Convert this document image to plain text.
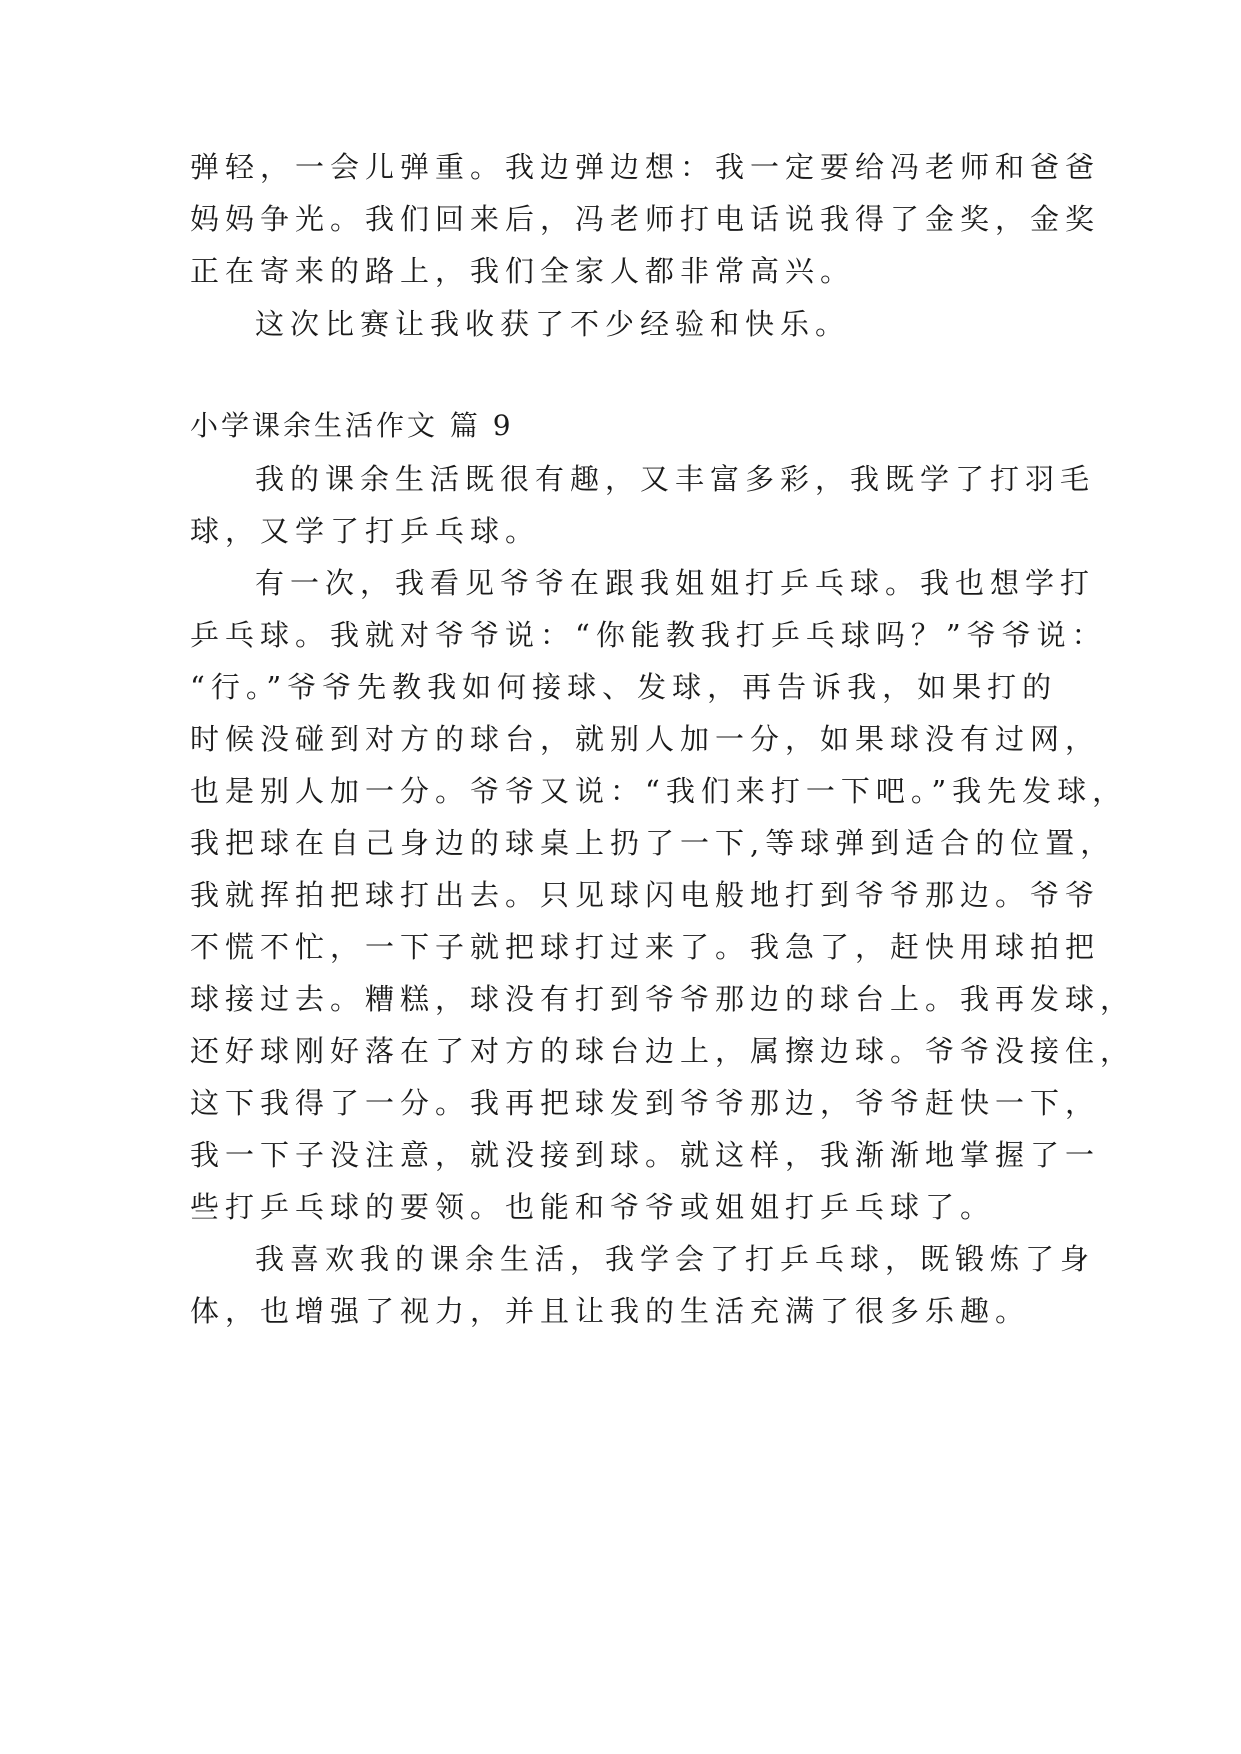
弹轻，一会儿弹重。我边弹边想：我一定要给冯老师和爸爸
妈妈争光。我们回来后，冯老师打电话说我得了金奖，金奖
正在寄来的路上，我们全家人都非常高兴。
这次比赛让我收获了不少经验和快乐。
小学课余生活作文 篇 9
我的课余生活既很有趣，又丰富多彩，我既学了打羽毛
球，又学了打乒乓球。
有一次，我看见爷爷在跟我姐姐打乒乓球。我也想学打
乒乓球。我就对爷爷说：“你能教我打乒乓球吗？”爷爷说：
“行。”爷爷先教我如何接球、发球，再告诉我，如果打的
时候没碰到对方的球台，就别人加一分，如果球没有过网，
也是别人加一分。爷爷又说：“我们来打一下吧。”我先发球，
我把球在自己身边的球桌上扔了一下,等球弹到适合的位置，
我就挥拍把球打出去。只见球闪电般地打到爷爷那边。爷爷
不慌不忙，一下子就把球打过来了。我急了，赶快用球拍把
球接过去。糟糕，球没有打到爷爷那边的球台上。我再发球，
还好球刚好落在了对方的球台边上，属擦边球。爷爷没接住，
这下我得了一分。我再把球发到爷爷那边，爷爷赶快一下，
我一下子没注意，就没接到球。就这样，我渐渐地掌握了一
些打乒乓球的要领。也能和爷爷或姐姐打乒乓球了。
我喜欢我的课余生活，我学会了打乒乓球，既锻炼了身
体，也增强了视力，并且让我的生活充满了很多乐趣。
